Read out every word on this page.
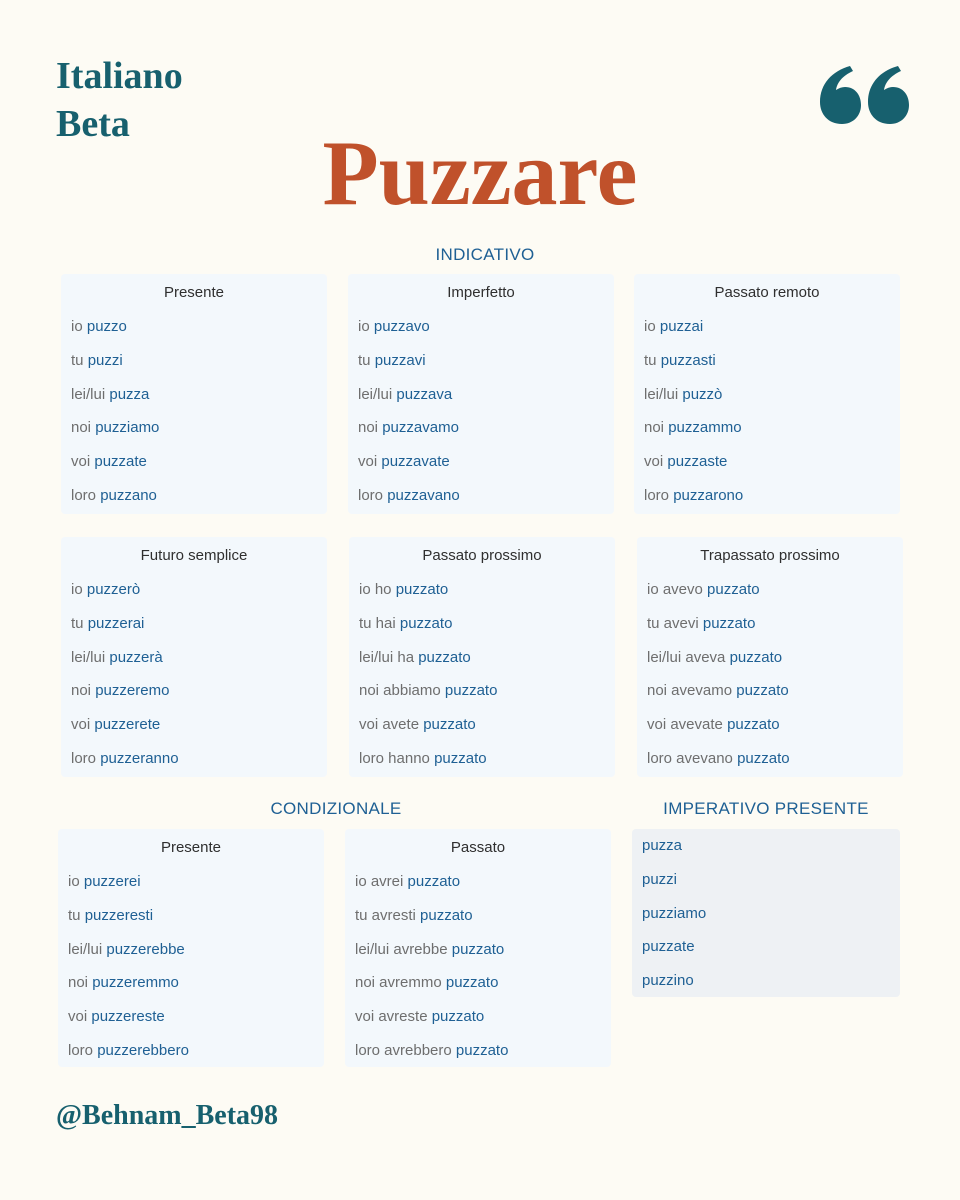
Italiano
Beta	Puzzare
INDICATIVO
Presente
io puzzo
tu puzzi
lei/lui puzza
noi puzziamo
voi puzzate
loro puzzano
Imperfetto
io puzzavo
tu puzzavi
lei/lui puzzava
noi puzzavamo
voi puzzavate
loro puzzavano
Passato remoto
io puzzai
tu puzzasti
lei/lui puzzò
noi puzzammo
voi puzzaste
loro puzzarono
Futuro semplice
io puzzerò
tu puzzerai
lei/lui puzzerà
noi puzzeremo
voi puzzerete
loro puzzeranno
Passato prossimo
io ho puzzato
tu hai puzzato
lei/lui ha puzzato
noi abbiamo puzzato
voi avete puzzato
loro hanno puzzato
Trapassato prossimo
io avevo puzzato
tu avevi puzzato
lei/lui aveva puzzato
noi avevamo puzzato
voi avevate puzzato
loro avevano puzzato
CONDIZIONALE	IMPERATIVO PRESENTE
Presente
io puzzerei
tu puzzeresti
lei/lui puzzerebbe
noi puzzeremmo
voi puzzereste
loro puzzerebbero
Passato
io avrei puzzato
tu avresti puzzato
lei/lui avrebbe puzzato
noi avremmo puzzato
voi avreste puzzato
loro avrebbero puzzato
puzza
puzzi
puzziamo
puzzate
puzzino

@Behnam_Beta98
